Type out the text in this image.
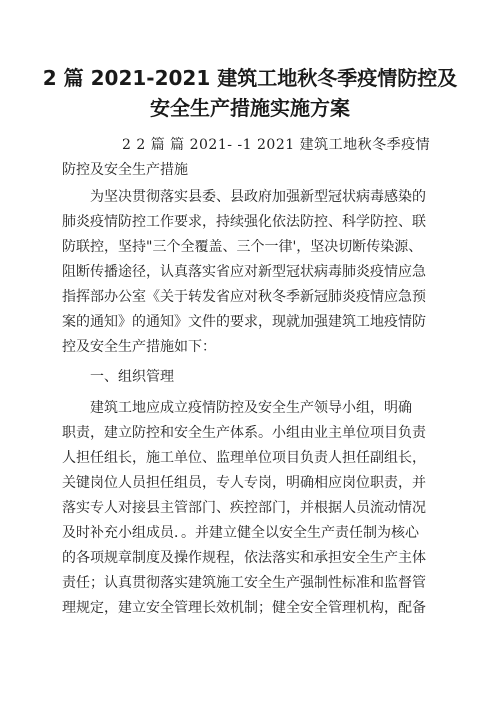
2 篇 2021-2021 建筑工地秋冬季疫情防控及
安全生产措施实施方案
2 2 篇 篇 2021- -1 2021 建筑工地秋冬季疫情
防控及安全生产措施
为坚决贯彻落实县委、县政府加强新型冠状病毒感染的
肺炎疫情防控工作要求，持续强化依法防控、科学防控、联
防联控，坚持"三个全覆盖、三个一律'，坚决切断传染源、
阻断传播途径，认真落实省应对新型冠状病毒肺炎疫情应急
指挥部办公室《关于转发省应对秋冬季新冠肺炎疫情应急预
案的通知》的通知》文件的要求，现就加强建筑工地疫情防
控及安全生产措施如下：
一、组织管理
建筑工地应成立疫情防控及安全生产领导小组，明确
职责，建立防控和安全生产体系。小组由业主单位项目负责
人担任组长，施工单位、监理单位项目负责人担任副组长，
关键岗位人员担任组员，专人专岗，明确相应岗位职责，并
落实专人对接县主管部门、疾控部门，并根据人员流动情况
及时补充小组成员．。并建立健全以安全生产责任制为核心
的各项规章制度及操作规程，依法落实和承担安全生产主体
责任；认真贯彻落实建筑施工安全生产强制性标准和监督管
理规定，建立安全管理长效机制；健全安全管理机构，配备
